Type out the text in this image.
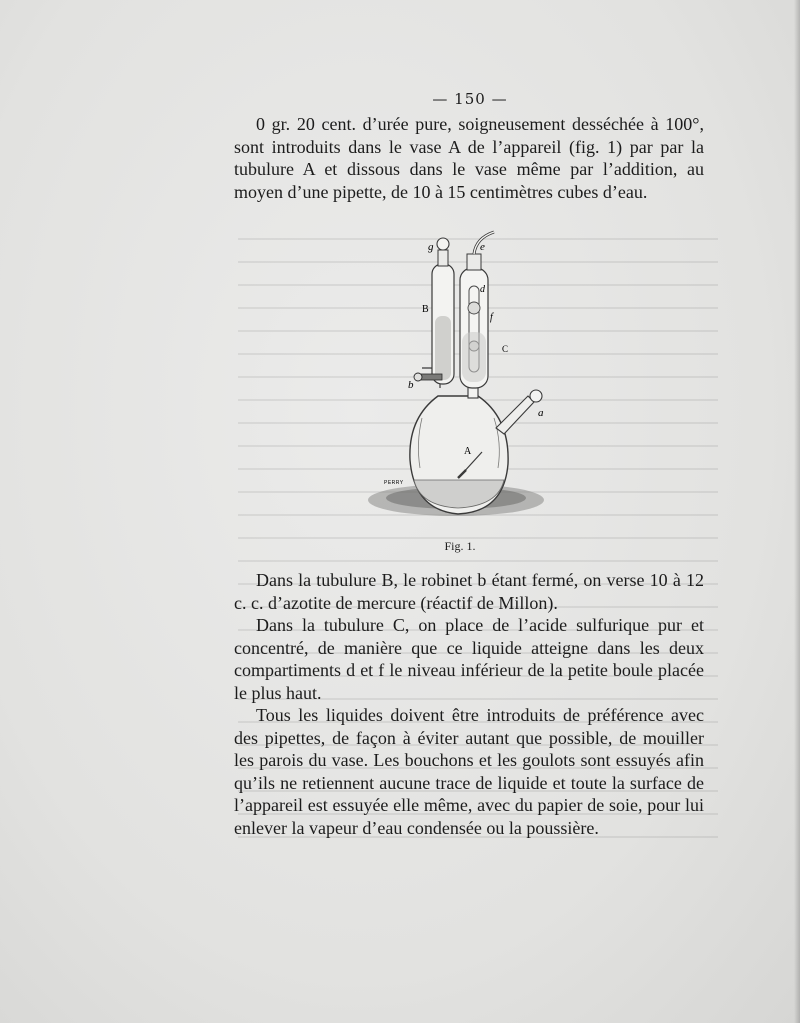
— 150 —

0 gr. 20 cent. d’urée pure, soigneusement desséchée à 100°, sont introduits dans le vase A de l’appareil (fig. 1) par par la tubulure A et dissous dans le vase même par l’addition, au moyen d’une pipette, de 10 à 15 centimètres cubes d’eau.

g	e
d
f
B
C
b
a
A
PERRY
Fig. 1.

Dans la tubulure B, le robinet b étant fermé, on verse 10 à 12 c. c. d’azotite de mercure (réactif de Millon).

Dans la tubulure C, on place de l’acide sulfurique pur et concentré, de manière que ce liquide atteigne dans les deux compartiments d et f le niveau inférieur de la petite boule placée le plus haut.

Tous les liquides doivent être introduits de préférence avec des pipettes, de façon à éviter autant que possible, de mouiller les parois du vase. Les bouchons et les goulots sont essuyés afin qu’ils ne retiennent aucune trace de liquide et toute la surface de l’appareil est essuyée elle même, avec du papier de soie, pour lui enlever la vapeur d’eau condensée ou la poussière.
